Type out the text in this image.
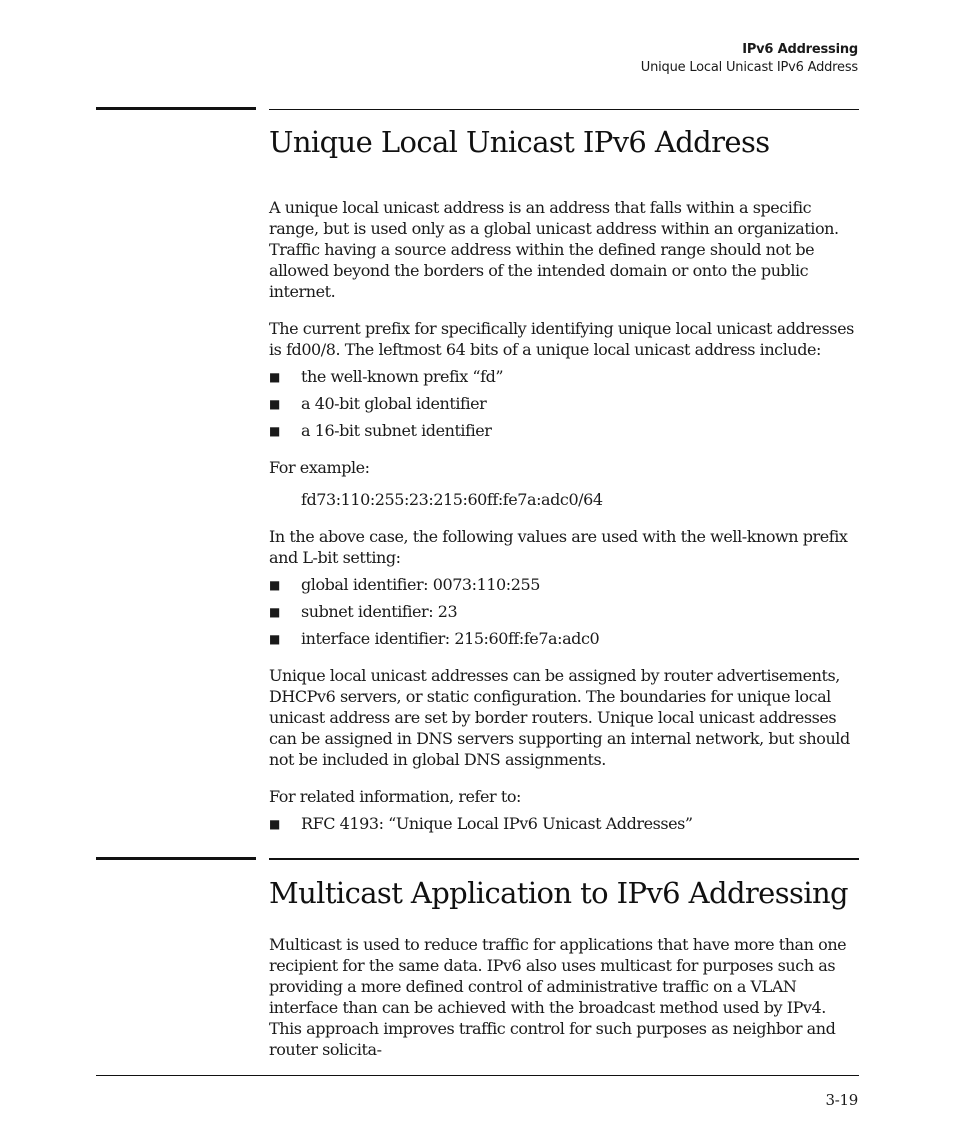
IPv6 Addressing
Unique Local Unicast IPv6 Address
Unique Local Unicast IPv6 Address

A unique local unicast address is an address that falls within a specific range, but is used only as a global unicast address within an organization. Traffic having a source address within the defined range should not be allowed beyond the borders of the intended domain or onto the public internet.

The current prefix for specifically identifying unique local unicast addresses is fd00/8. The leftmost 64 bits of a unique local unicast address include:

■ the well-known prefix “fd”
■ a 40-bit global identifier
■ a 16-bit subnet identifier

For example:

fd73:110:255:23:215:60ff:fe7a:adc0/64

In the above case, the following values are used with the well-known prefix and L-bit setting:

■ global identifier: 0073:110:255
■ subnet identifier: 23
■ interface identifier: 215:60ff:fe7a:adc0

Unique local unicast addresses can be assigned by router advertisements, DHCPv6 servers, or static configuration. The boundaries for unique local unicast address are set by border routers. Unique local unicast addresses can be assigned in DNS servers supporting an internal network, but should not be included in global DNS assignments.

For related information, refer to:

■ RFC 4193: “Unique Local IPv6 Unicast Addresses”
Multicast Application to IPv6 Addressing

Multicast is used to reduce traffic for applications that have more than one recipient for the same data. IPv6 also uses multicast for purposes such as providing a more defined control of administrative traffic on a VLAN interface than can be achieved with the broadcast method used by IPv4. This approach improves traffic control for such purposes as neighbor and router solicita-

3-19
